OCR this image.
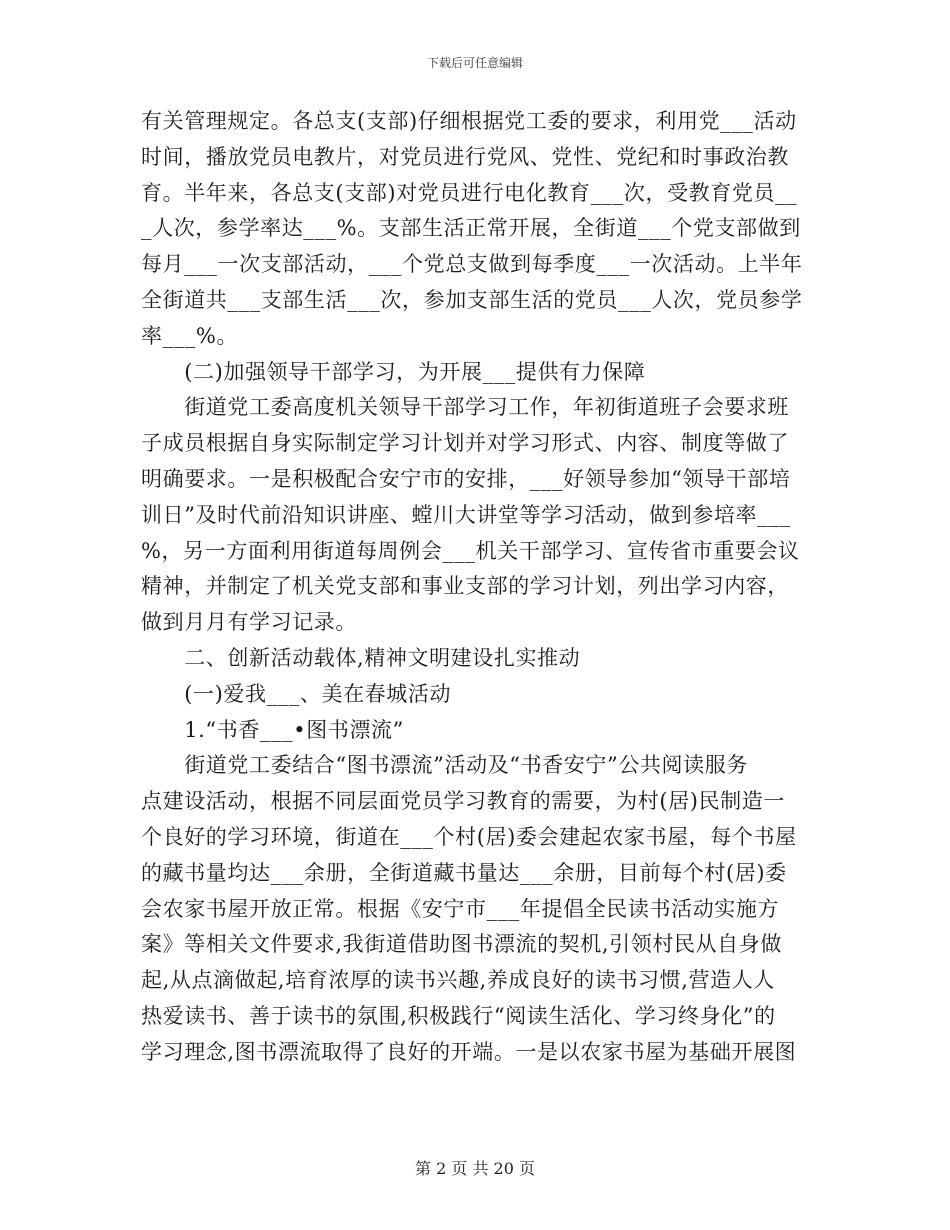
下载后可任意编辑
有关管理规定。各总支(支部)仔细根据党工委的要求，利用党___活动
时间，播放党员电教片，对党员进行党风、党性、党纪和时事政治教
育。半年来，各总支(支部)对党员进行电化教育___次，受教育党员__
_人次，参学率达___%。支部生活正常开展，全街道___个党支部做到
每月___一次支部活动，___个党总支做到每季度___一次活动。上半年
全街道共___支部生活___次，参加支部生活的党员___人次，党员参学
率___%。
　　(二)加强领导干部学习，为开展___提供有力保障
　　街道党工委高度机关领导干部学习工作，年初街道班子会要求班
子成员根据自身实际制定学习计划并对学习形式、内容、制度等做了
明确要求。一是积极配合安宁市的安排，___好领导参加“领导干部培
训日”及时代前沿知识讲座、螳川大讲堂等学习活动，做到参培率___
%，另一方面利用街道每周例会___机关干部学习、宣传省市重要会议
精神，并制定了机关党支部和事业支部的学习计划，列出学习内容，
做到月月有学习记录。
　　二、创新活动载体,精神文明建设扎实推动
　　(一)爱我___、美在春城活动
　　1.“书香___•图书漂流”
　　街道党工委结合“图书漂流”活动及“书香安宁”公共阅读服务
点建设活动，根据不同层面党员学习教育的需要，为村(居)民制造一
个良好的学习环境，街道在___个村(居)委会建起农家书屋，每个书屋
的藏书量均达___余册，全街道藏书量达___余册，目前每个村(居)委
会农家书屋开放正常。根据《安宁市___年提倡全民读书活动实施方
案》等相关文件要求,我街道借助图书漂流的契机,引领村民从自身做
起,从点滴做起,培育浓厚的读书兴趣,养成良好的读书习惯,营造人人
热爱读书、善于读书的氛围,积极践行“阅读生活化、学习终身化”的
学习理念,图书漂流取得了良好的开端。一是以农家书屋为基础开展图
第 2 页 共 20 页
